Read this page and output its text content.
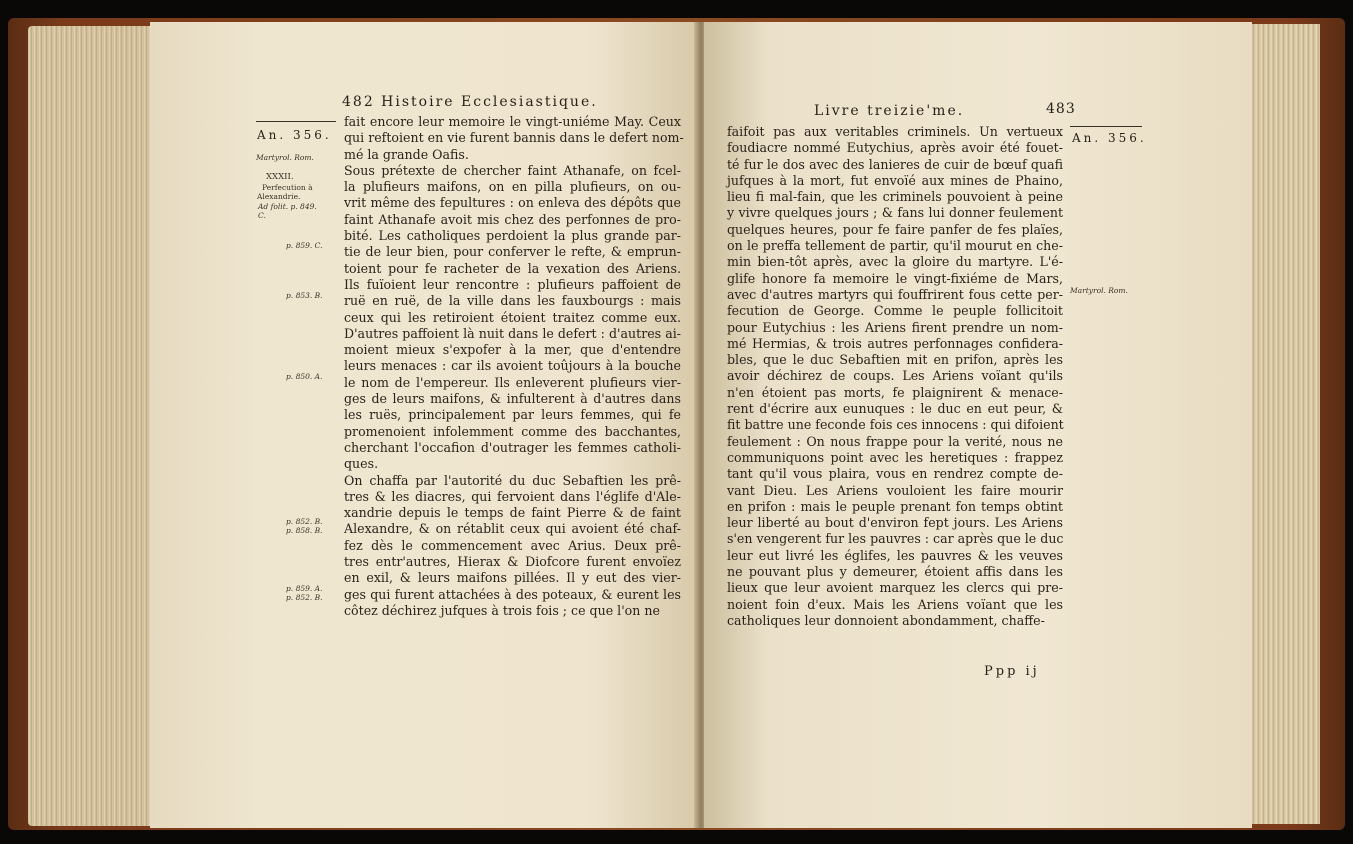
482 Histoire Ecclesiastique.
An. 356.
Martyrol. Rom.
XXXII.
Perfecution à
Alexandrie.
Ad folit. p. 849.
C.
p. 859. C.
p. 853. B.
p. 850. A.
p. 852. B.
p. 858. B.
p. 859. A.
p. 852. B.
fait encore leur memoire le vingt-uniéme May. Ceux
qui reftoient en vie furent bannis dans le defert nom-
mé la grande Oafis.
Sous prétexte de chercher faint Athanafe, on fcel-
la plufieurs maifons, on en pilla plufieurs, on ou-
vrit même des fepultures : on enleva des dépôts que
faint Athanafe avoit mis chez des perfonnes de pro-
bité. Les catholiques perdoient la plus grande par-
tie de leur bien, pour conferver le refte, & emprun-
toient pour fe racheter de la vexation des Ariens.
Ils fuïoient leur rencontre : plufieurs paffoient de
ruë en ruë, de la ville dans les fauxbourgs : mais
ceux qui les retiroient étoient traitez comme eux.
D'autres paffoient là nuit dans le defert : d'autres ai-
moient mieux s'expofer à la mer, que d'entendre
leurs menaces : car ils avoient toûjours à la bouche
le nom de l'empereur. Ils enleverent plufieurs vier-
ges de leurs maifons, & infulterent à d'autres dans
les ruës, principalement par leurs femmes, qui fe
promenoient infolemment comme des bacchantes,
cherchant l'occafion d'outrager les femmes catholi-
ques.
On chaffa par l'autorité du duc Sebaftien les prê-
tres & les diacres, qui fervoient dans l'églife d'Ale-
xandrie depuis le temps de faint Pierre & de faint
Alexandre, & on rétablit ceux qui avoient été chaf-
fez dès le commencement avec Arius. Deux prê-
tres entr'autres, Hierax & Diofcore furent envoïez
en exil, & leurs maifons pillées. Il y eut des vier-
ges qui furent attachées à des poteaux, & eurent les
côtez déchirez jufques à trois fois ; ce que l'on ne
Livre treizie'me.	483
An. 356.
Martyrol. Rom.
faifoit pas aux veritables criminels. Un vertueux
foudiacre nommé Eutychius, après avoir été fouet-
té fur le dos avec des lanieres de cuir de bœuf quafi
jufques à la mort, fut envoïé aux mines de Phaino,
lieu fi mal-fain, que les criminels pouvoient à peine
y vivre quelques jours ; & fans lui donner feulement
quelques heures, pour fe faire panfer de fes plaïes,
on le preffa tellement de partir, qu'il mourut en che-
min bien-tôt après, avec la gloire du martyre. L'é-
glife honore fa memoire le vingt-fixiéme de Mars,
avec d'autres martyrs qui fouffrirent fous cette per-
fecution de George. Comme le peuple follicitoit
pour Eutychius : les Ariens firent prendre un nom-
mé Hermias, & trois autres perfonnages confidera-
bles, que le duc Sebaftien mit en prifon, après les
avoir déchirez de coups. Les Ariens voïant qu'ils
n'en étoient pas morts, fe plaignirent & menace-
rent d'écrire aux eunuques : le duc en eut peur, &
fit battre une feconde fois ces innocens : qui difoient
feulement : On nous frappe pour la verité, nous ne
communiquons point avec les heretiques : frappez
tant qu'il vous plaira, vous en rendrez compte de-
vant Dieu. Les Ariens vouloient les faire mourir
en prifon : mais le peuple prenant fon temps obtint
leur liberté au bout d'environ fept jours. Les Ariens
s'en vengerent fur les pauvres : car après que le duc
leur eut livré les églifes, les pauvres & les veuves
ne pouvant plus y demeurer, étoient affis dans les
lieux que leur avoient marquez les clercs qui pre-
noient foin d'eux. Mais les Ariens voïant que les
catholiques leur donnoient abondamment, chaffe-
Ppp ij
